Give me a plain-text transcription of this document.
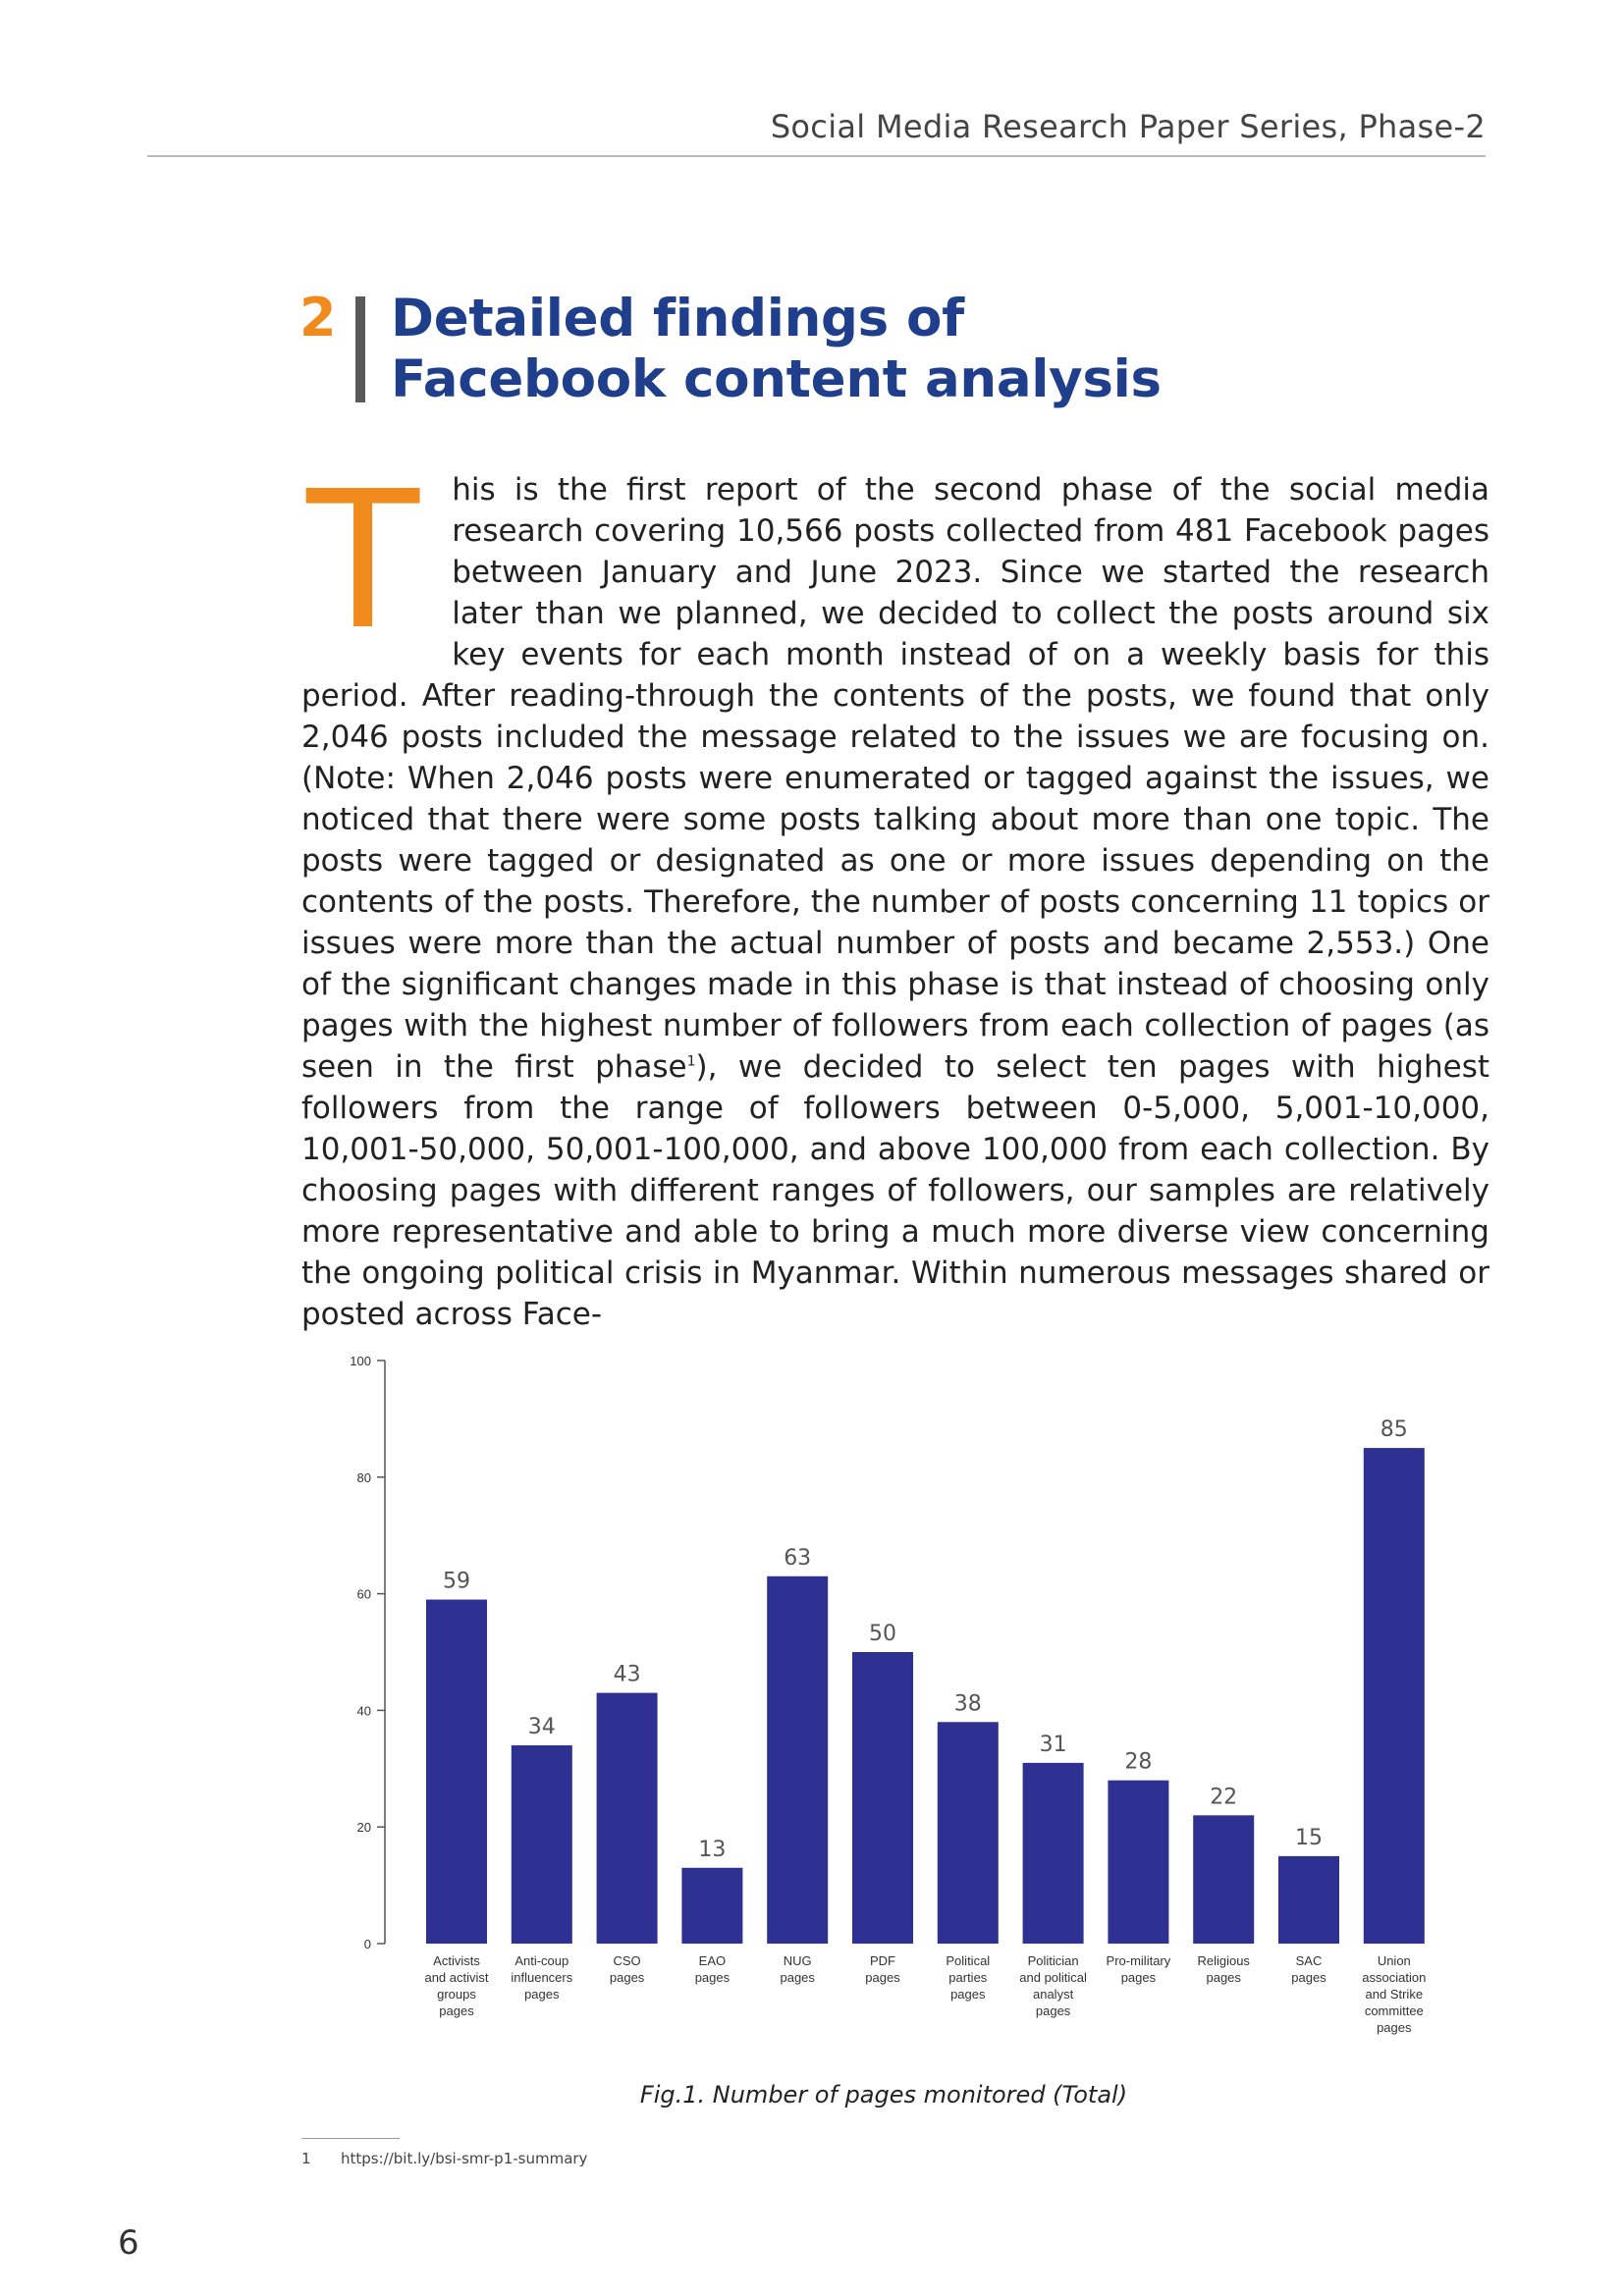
Social Media Research Paper Series, Phase-2
2 Detailed findings of
Facebook content analysis
This is the first report of the second phase of the social media research covering 10,566 posts collected from 481 Facebook pages between January and June 2023. Since we started the research later than we planned, we decided to collect the posts around six key events for each month instead of on a weekly basis for this period. After reading-through the contents of the posts, we found that only 2,046 posts included the message related to the issues we are focusing on. (Note: When 2,046 posts were enumerated or tagged against the issues, we noticed that there were some posts talking about more than one topic. The posts were tagged or designated as one or more issues depending on the contents of the posts. Therefore, the number of posts concerning 11 topics or issues were more than the actual number of posts and became 2,553.) One of the significant changes made in this phase is that instead of choosing only pages with the highest number of followers from each collection of pages (as seen in the first phase$^1$), we decided to select ten pages with highest followers from the range of followers between 0-5,000, 5,001-10,000, 10,001-50,000, 50,001-100,000, and above 100,000 from each collection. By choosing pages with different ranges of followers, our samples are relatively more representative and able to bring a much more diverse view concerning the ongoing political crisis in Myanmar. Within numerous messages shared or posted across Face-
0
20
40
60
80
100
59
Activists and activist groups pages
34
Anti-coup influencers pages
43
CSO pages
13
EAO pages
63
NUG pages
50
PDF pages
38
Political parties pages
31
Politician and political analyst pages
28
Pro-military pages
22
Religious pages
15
SAC pages
85
Union association and Strike committee pages
Fig.1. Number of pages monitored (Total)
1 https://bit.ly/bsi-smr-p1-summary
6
